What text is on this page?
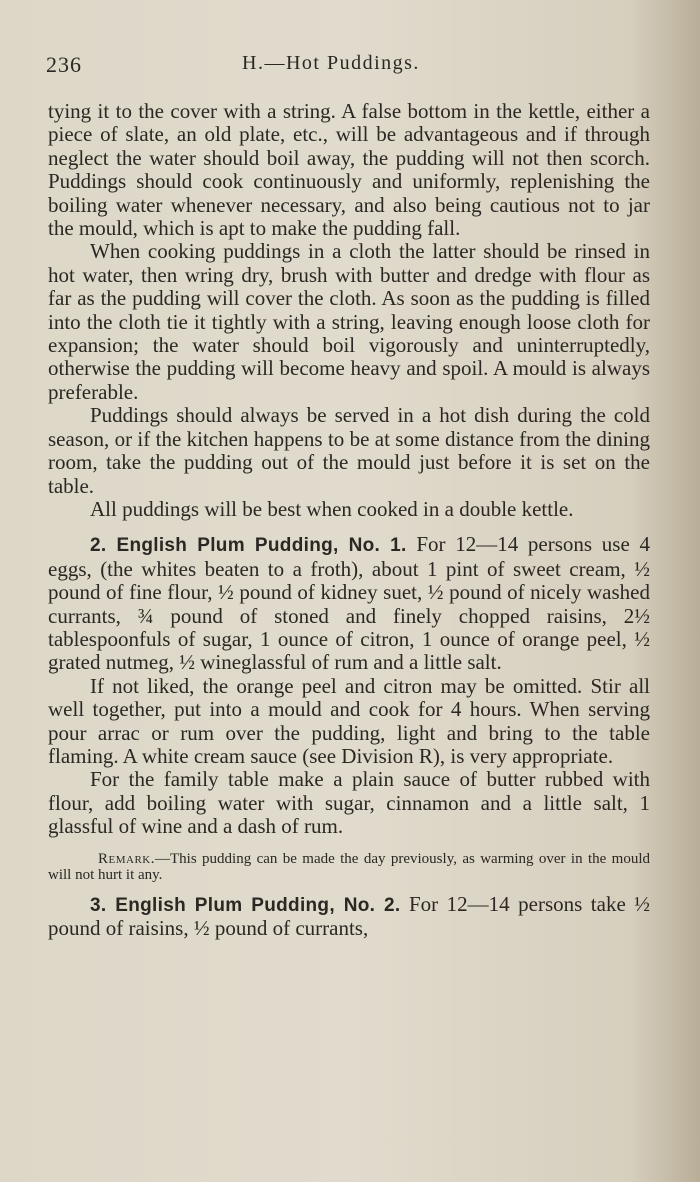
236	H.—Hot Puddings.

tying it to the cover with a string. A false bottom in the kettle, either a piece of slate, an old plate, etc., will be advantageous and if through neglect the water should boil away, the pudding will not then scorch. Puddings should cook continuously and uniformly, replenishing the boiling water whenever necessary, and also being cautious not to jar the mould, which is apt to make the pudding fall.

When cooking puddings in a cloth the latter should be rinsed in hot water, then wring dry, brush with butter and dredge with flour as far as the pudding will cover the cloth. As soon as the pudding is filled into the cloth tie it tightly with a string, leaving enough loose cloth for expansion; the water should boil vigorously and uninterruptedly, otherwise the pudding will become heavy and spoil. A mould is always preferable.

Puddings should always be served in a hot dish during the cold season, or if the kitchen happens to be at some distance from the dining room, take the pudding out of the mould just before it is set on the table.

All puddings will be best when cooked in a double kettle.

2. English Plum Pudding, No. 1. For 12—14 persons use 4 eggs, (the whites beaten to a froth), about 1 pint of sweet cream, ½ pound of fine flour, ½ pound of kidney suet, ½ pound of nicely washed currants, ¾ pound of stoned and finely chopped raisins, 2½ tablespoonfuls of sugar, 1 ounce of citron, 1 ounce of orange peel, ½ grated nutmeg, ½ wineglassful of rum and a little salt.

If not liked, the orange peel and citron may be omitted. Stir all well together, put into a mould and cook for 4 hours. When serving pour arrac or rum over the pudding, light and bring to the table flaming. A white cream sauce (see Division R), is very appropriate.

For the family table make a plain sauce of butter rubbed with flour, add boiling water with sugar, cinnamon and a little salt, 1 glassful of wine and a dash of rum.

Remark.—This pudding can be made the day previously, as warming over in the mould will not hurt it any.

3. English Plum Pudding, No. 2. For 12—14 persons take ½ pound of raisins, ½ pound of currants,
